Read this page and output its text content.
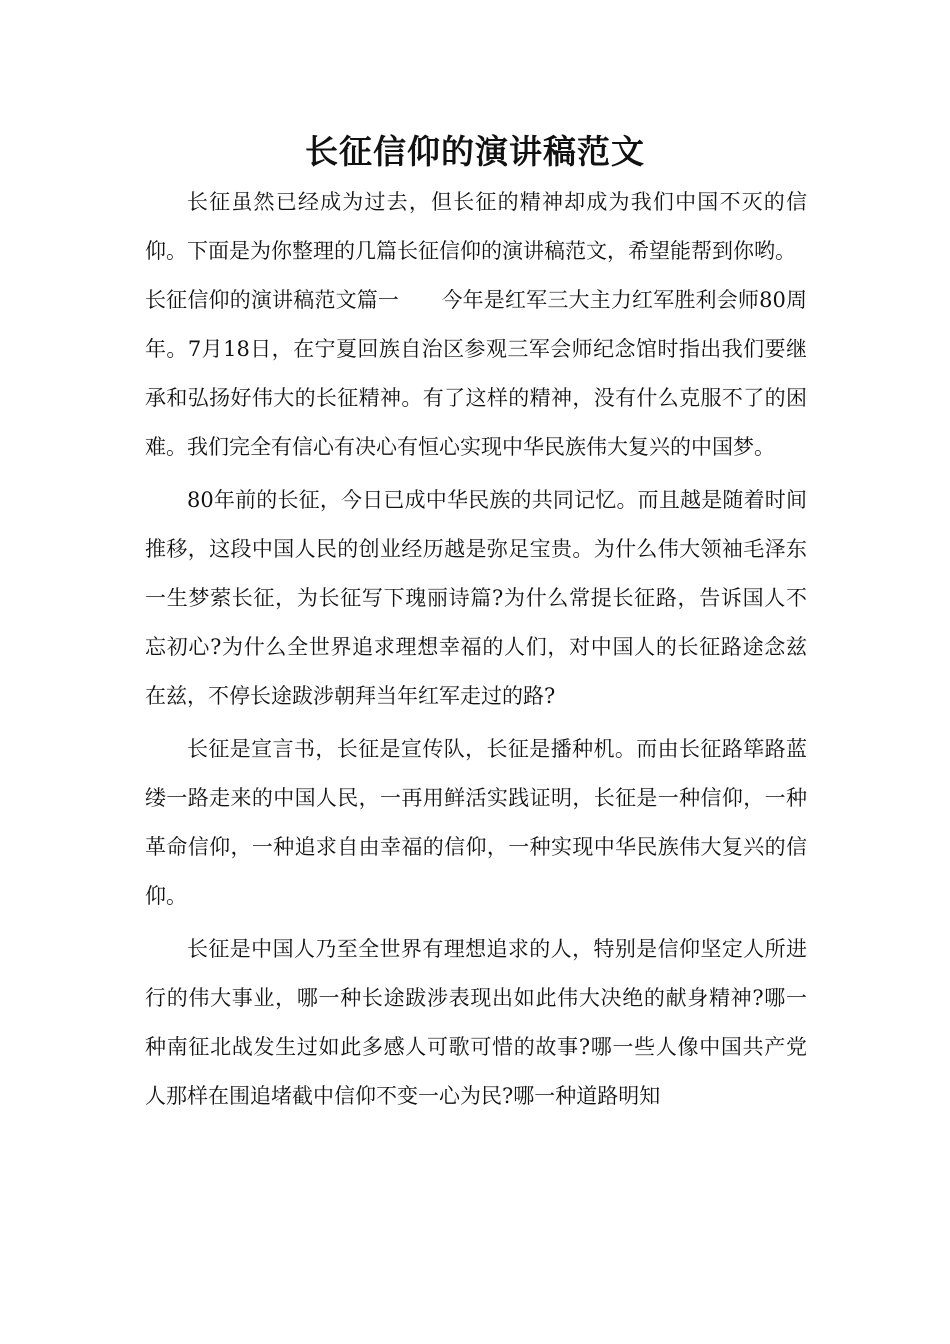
长征信仰的演讲稿范文

长征虽然已经成为过去，但长征的精神却成为我们中国不灭的信仰。下面是为你整理的几篇长征信仰的演讲稿范文，希望能帮到你哟。

长征信仰的演讲稿范文篇一　　今年是红军三大主力红军胜利会师80周年。7月18日，在宁夏回族自治区参观三军会师纪念馆时指出我们要继承和弘扬好伟大的长征精神。有了这样的精神，没有什么克服不了的困难。我们完全有信心有决心有恒心实现中华民族伟大复兴的中国梦。

80年前的长征，今日已成中华民族的共同记忆。而且越是随着时间推移，这段中国人民的创业经历越是弥足宝贵。为什么伟大领袖毛泽东一生梦萦长征，为长征写下瑰丽诗篇?为什么常提长征路，告诉国人不忘初心?为什么全世界追求理想幸福的人们，对中国人的长征路途念兹在兹，不停长途跋涉朝拜当年红军走过的路?

长征是宣言书，长征是宣传队，长征是播种机。而由长征路筚路蓝缕一路走来的中国人民，一再用鲜活实践证明，长征是一种信仰，一种革命信仰，一种追求自由幸福的信仰，一种实现中华民族伟大复兴的信仰。

长征是中国人乃至全世界有理想追求的人，特别是信仰坚定人所进行的伟大事业，哪一种长途跋涉表现出如此伟大决绝的献身精神?哪一种南征北战发生过如此多感人可歌可惜的故事?哪一些人像中国共产党人那样在围追堵截中信仰不变一心为民?哪一种道路明知
